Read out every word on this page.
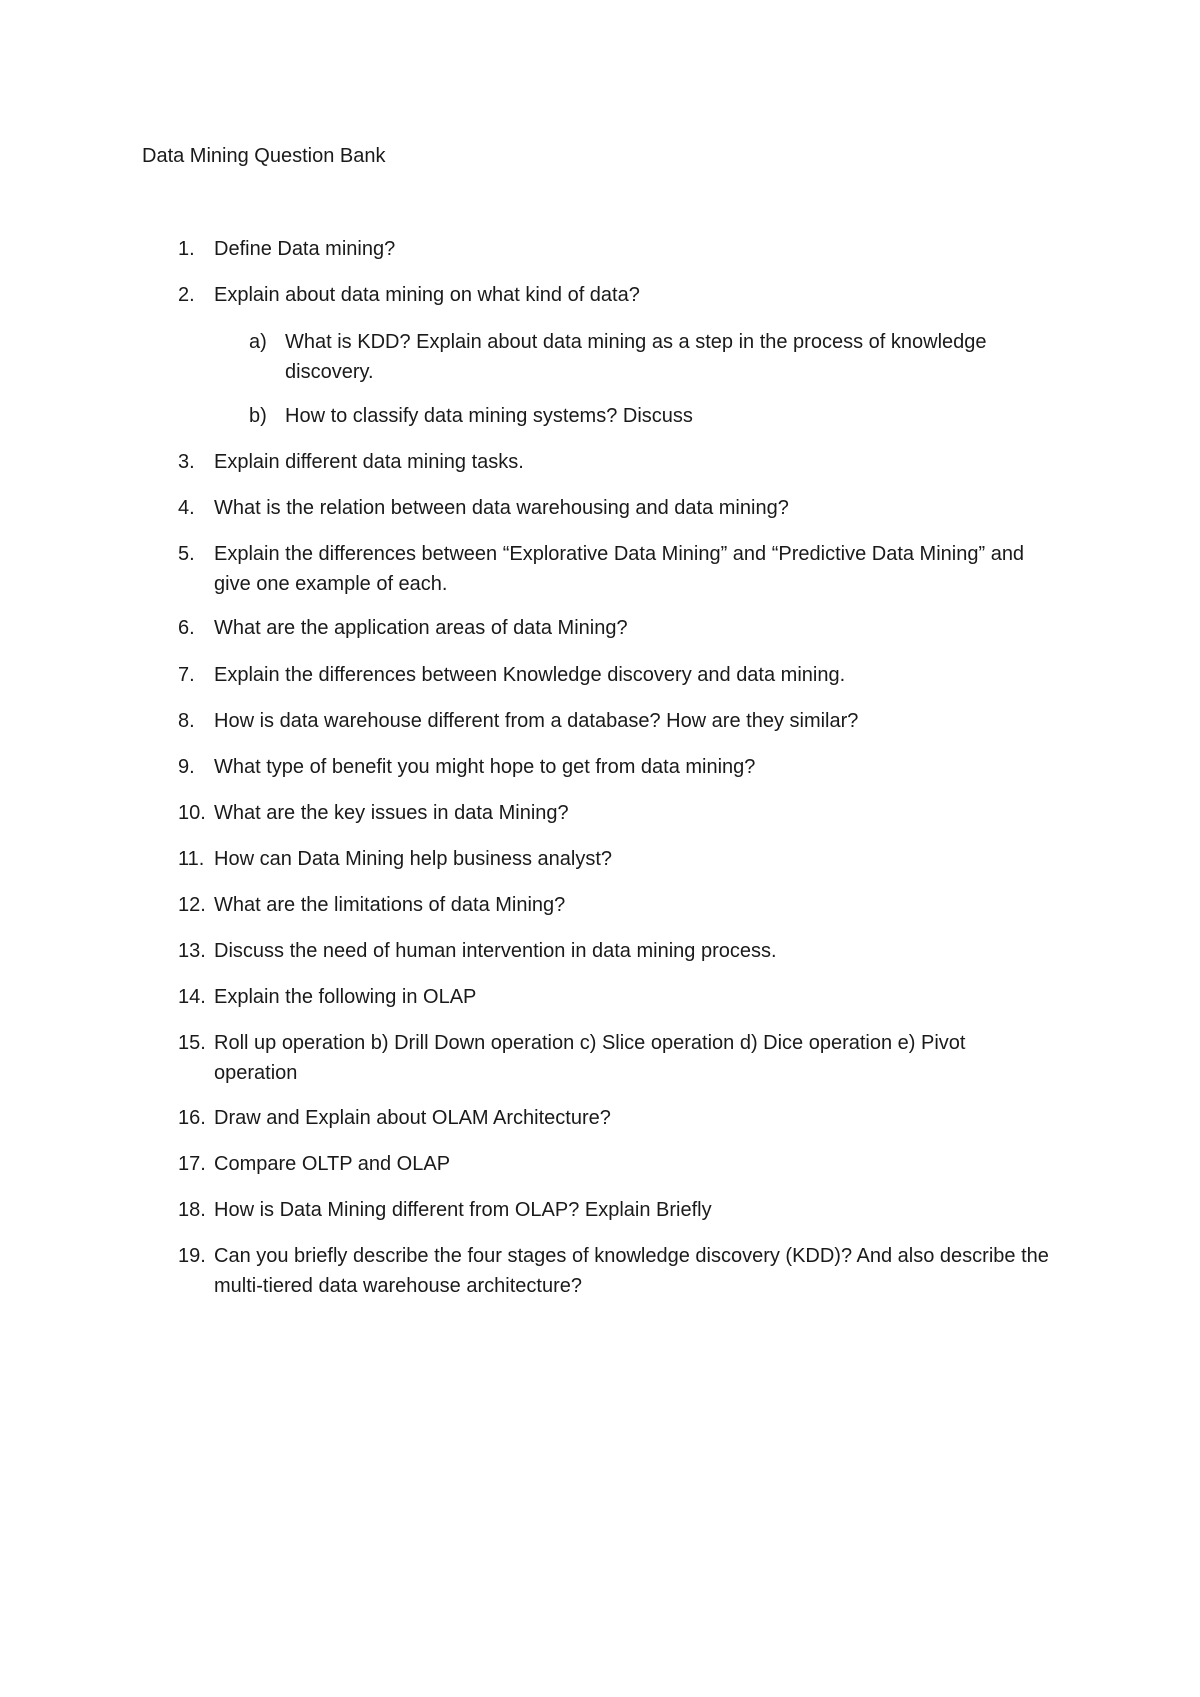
Data Mining Question Bank
1. Define Data mining?
2. Explain about data mining on what kind of data?
a) What is KDD? Explain about data mining as a step in the process of knowledge discovery.
b) How to classify data mining systems? Discuss
3. Explain different data mining tasks.
4. What is the relation between data warehousing and data mining?
5. Explain the differences between “Explorative Data Mining” and “Predictive Data Mining” and give one example of each.
6. What are the application areas of data Mining?
7. Explain the differences between Knowledge discovery and data mining.
8. How is data warehouse different from a database? How are they similar?
9. What type of benefit you might hope to get from data mining?
10. What are the key issues in data Mining?
11. How can Data Mining help business analyst?
12. What are the limitations of data Mining?
13. Discuss the need of human intervention in data mining process.
14. Explain the following in OLAP
15. Roll up operation b) Drill Down operation c) Slice operation d) Dice operation e) Pivot operation
16. Draw and Explain about OLAM Architecture?
17. Compare OLTP and OLAP
18. How is Data Mining different from OLAP? Explain Briefly
19. Can you briefly describe the four stages of knowledge discovery (KDD)? And also describe the multi-tiered data warehouse architecture?
